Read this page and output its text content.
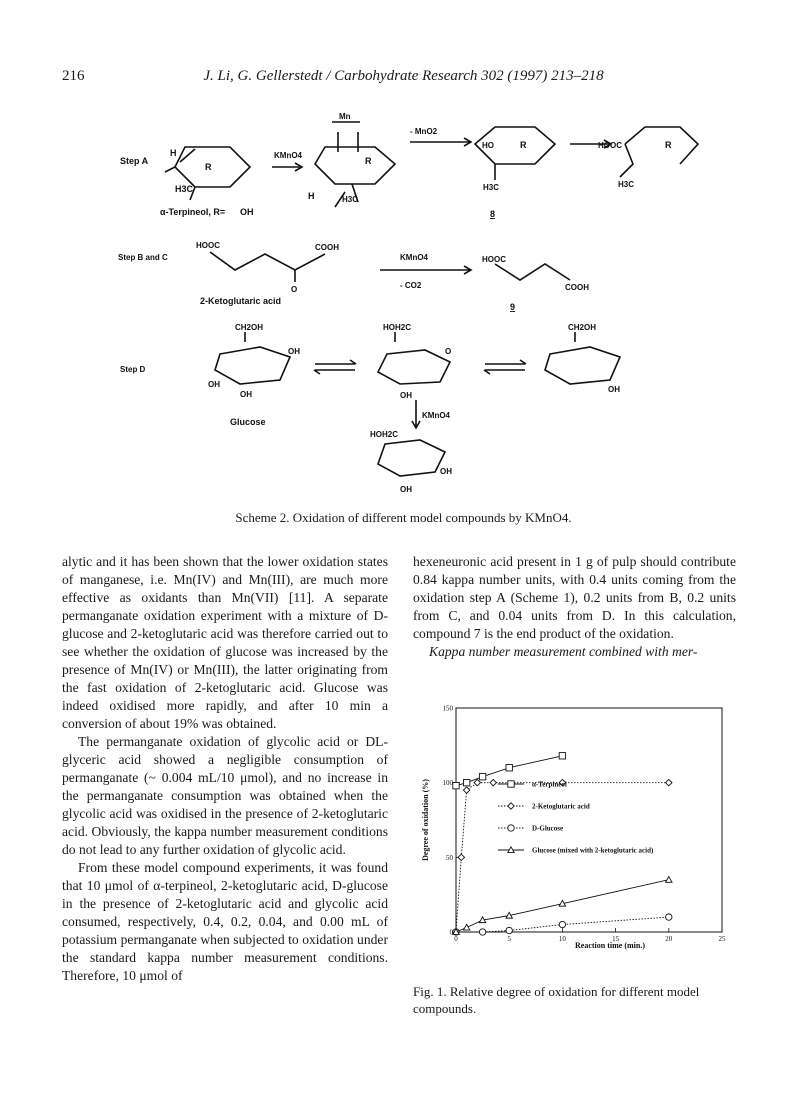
216	J. Li, G. Gellerstedt / Carbohydrate Research 302 (1997) 213–218
Step A
H
R
H3C
α-Terpineol, R= OH
KMnO4
Mn
R
H	H3C
- MnO2
HO	R
H3C
8
HOOC	R
H3C
Step B and C
HOOC	COOH
O
2-Ketoglutaric acid
KMnO4
- CO2
HOOC
COOH
9
Step D
CH2OH
OH
OH
OH
Glucose
HOH2C
O
OH
CH2OH
OH
KMnO4
HOH2C
OH
OH
Scheme 2. Oxidation of different model compounds by KMnO4.

alytic and it has been shown that the lower oxidation states of manganese, i.e. Mn(IV) and Mn(III), are much more effective as oxidants than Mn(VII) [11]. A separate permanganate oxidation experiment with a mixture of D-glucose and 2-ketoglutaric acid was therefore carried out to see whether the oxidation of glucose was increased by the presence of Mn(IV) or Mn(III), the latter originating from the fast oxidation of 2-ketoglutaric acid. Glucose was indeed oxidised more rapidly, and after 10 min a conversion of about 19% was obtained.

The permanganate oxidation of glycolic acid or DL-glyceric acid showed a negligible consumption of permanganate (~ 0.004 mL/10 μmol), and no increase in the permanganate consumption was obtained when the glycolic acid was oxidised in the presence of 2-ketoglutaric acid. Obviously, the kappa number measurement conditions do not lead to any further oxidation of glycolic acid.

From these model compound experiments, it was found that 10 μmol of α-terpineol, 2-ketoglutaric acid, D-glucose in the presence of 2-ketoglutaric acid and glycolic acid consumed, respectively, 0.4, 0.2, 0.04, and 0.00 mL of potassium permanganate when subjected to oxidation under the standard kappa number measurement conditions. Therefore, 10 μmol of

hexeneuronic acid present in 1 g of pulp should contribute 0.84 kappa number units, with 0.4 units coming from the oxidation step A (Scheme 1), 0.2 units from B, 0.2 units from C, and 0.04 units from D. In this calculation, compound 7 is the end product of the oxidation.

Kappa number measurement combined with mer-

Degree of oxidation (%)
Reaction time (min.)
0	5	10	15	20	25
0
50
100
150
α-Terpineol
2-Ketoglutaric acid
D-Glucose
Glucose (mixed with 2-ketoglutaric acid)
Fig. 1. Relative degree of oxidation for different model compounds.
